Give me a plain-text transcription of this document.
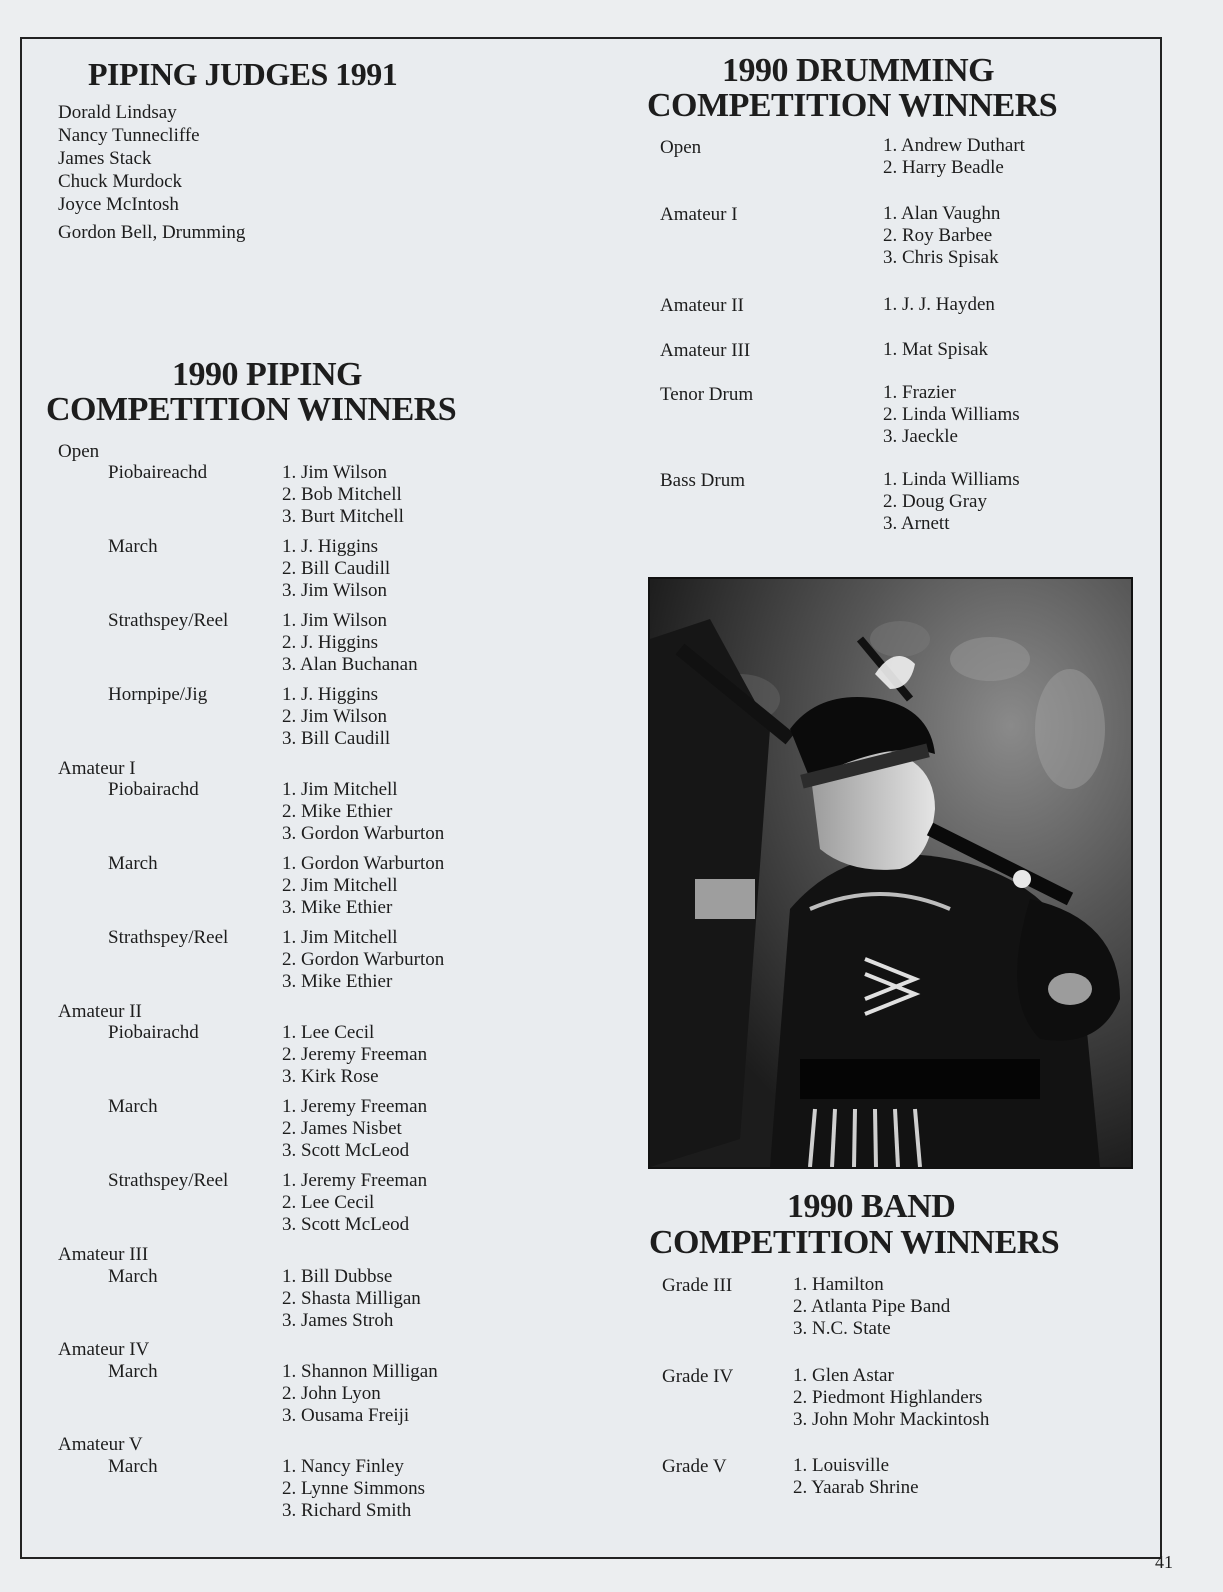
PIPING JUDGES 1991
Dorald Lindsay
Nancy Tunnecliffe
James Stack
Chuck Murdock
Joyce McIntosh
Gordon Bell, Drumming
1990 PIPING
COMPETITION WINNERS
Open
Piobaireachd	1. Jim Wilson
2. Bob Mitchell
3. Burt Mitchell
March	1. J. Higgins
2. Bill Caudill
3. Jim Wilson
Strathspey/Reel	1. Jim Wilson
2. J. Higgins
3. Alan Buchanan
Hornpipe/Jig	1. J. Higgins
2. Jim Wilson
3. Bill Caudill
Amateur I
Piobairachd	1. Jim Mitchell
2. Mike Ethier
3. Gordon Warburton
March	1. Gordon Warburton
2. Jim Mitchell
3. Mike Ethier
Strathspey/Reel	1. Jim Mitchell
2. Gordon Warburton
3. Mike Ethier
Amateur II
Piobairachd	1. Lee Cecil
2. Jeremy Freeman
3. Kirk Rose
March	1. Jeremy Freeman
2. James Nisbet
3. Scott McLeod
Strathspey/Reel	1. Jeremy Freeman
2. Lee Cecil
3. Scott McLeod
Amateur III
March	1. Bill Dubbse
2. Shasta Milligan
3. James Stroh
Amateur IV
March	1. Shannon Milligan
2. John Lyon
3. Ousama Freiji
Amateur V
March	1. Nancy Finley
2. Lynne Simmons
3. Richard Smith
1990 DRUMMING
COMPETITION WINNERS
Open	1. Andrew Duthart
2. Harry Beadle
Amateur I	1. Alan Vaughn
2. Roy Barbee
3. Chris Spisak
Amateur II	1. J. J. Hayden
Amateur III	1. Mat Spisak
Tenor Drum	1. Frazier
2. Linda Williams
3. Jaeckle
Bass Drum	1. Linda Williams
2. Doug Gray
3. Arnett
1990 BAND
COMPETITION WINNERS
Grade III	1. Hamilton
2. Atlanta Pipe Band
3. N.C. State
Grade IV	1. Glen Astar
2. Piedmont Highlanders
3. John Mohr Mackintosh
Grade V	1. Louisville
2. Yaarab Shrine
41
